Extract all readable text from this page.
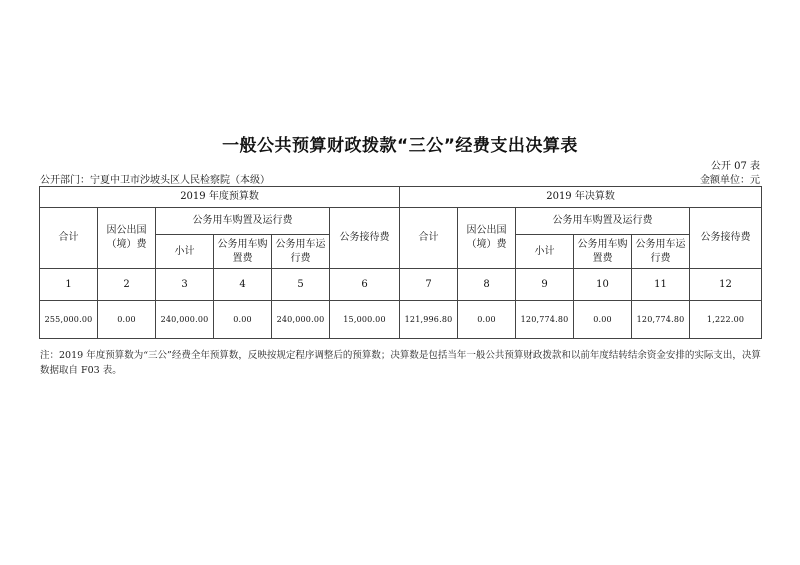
一般公共预算财政拨款“三公”经费支出决算表
公开 07 表
公开部门：宁夏中卫市沙坡头区人民检察院（本级）	金额单位：元
2019 年度预算数						2019 年决算数					
合计	因公出国（境）费	公务用车购置及运行费			公务接待费	合计	因公出国（境）费	公务用车购置及运行费			公务接待费
		小计	公务用车购置费	公务用车运行费				小计	公务用车购置费	公务用车运行费	
1	2	3	4	5	6	7	8	9	10	11	12
255,000.00	0.00	240,000.00	0.00	240,000.00	15,000.00	121,996.80	0.00	120,774.80	0.00	120,774.80	1,222.00
注：2019 年度预算数为“三公”经费全年预算数，反映按规定程序调整后的预算数；决算数是包括当年一般公共预算财政拨款和以前年度结转结余资金安排的实际支出，决算数据取自 F03 表。
